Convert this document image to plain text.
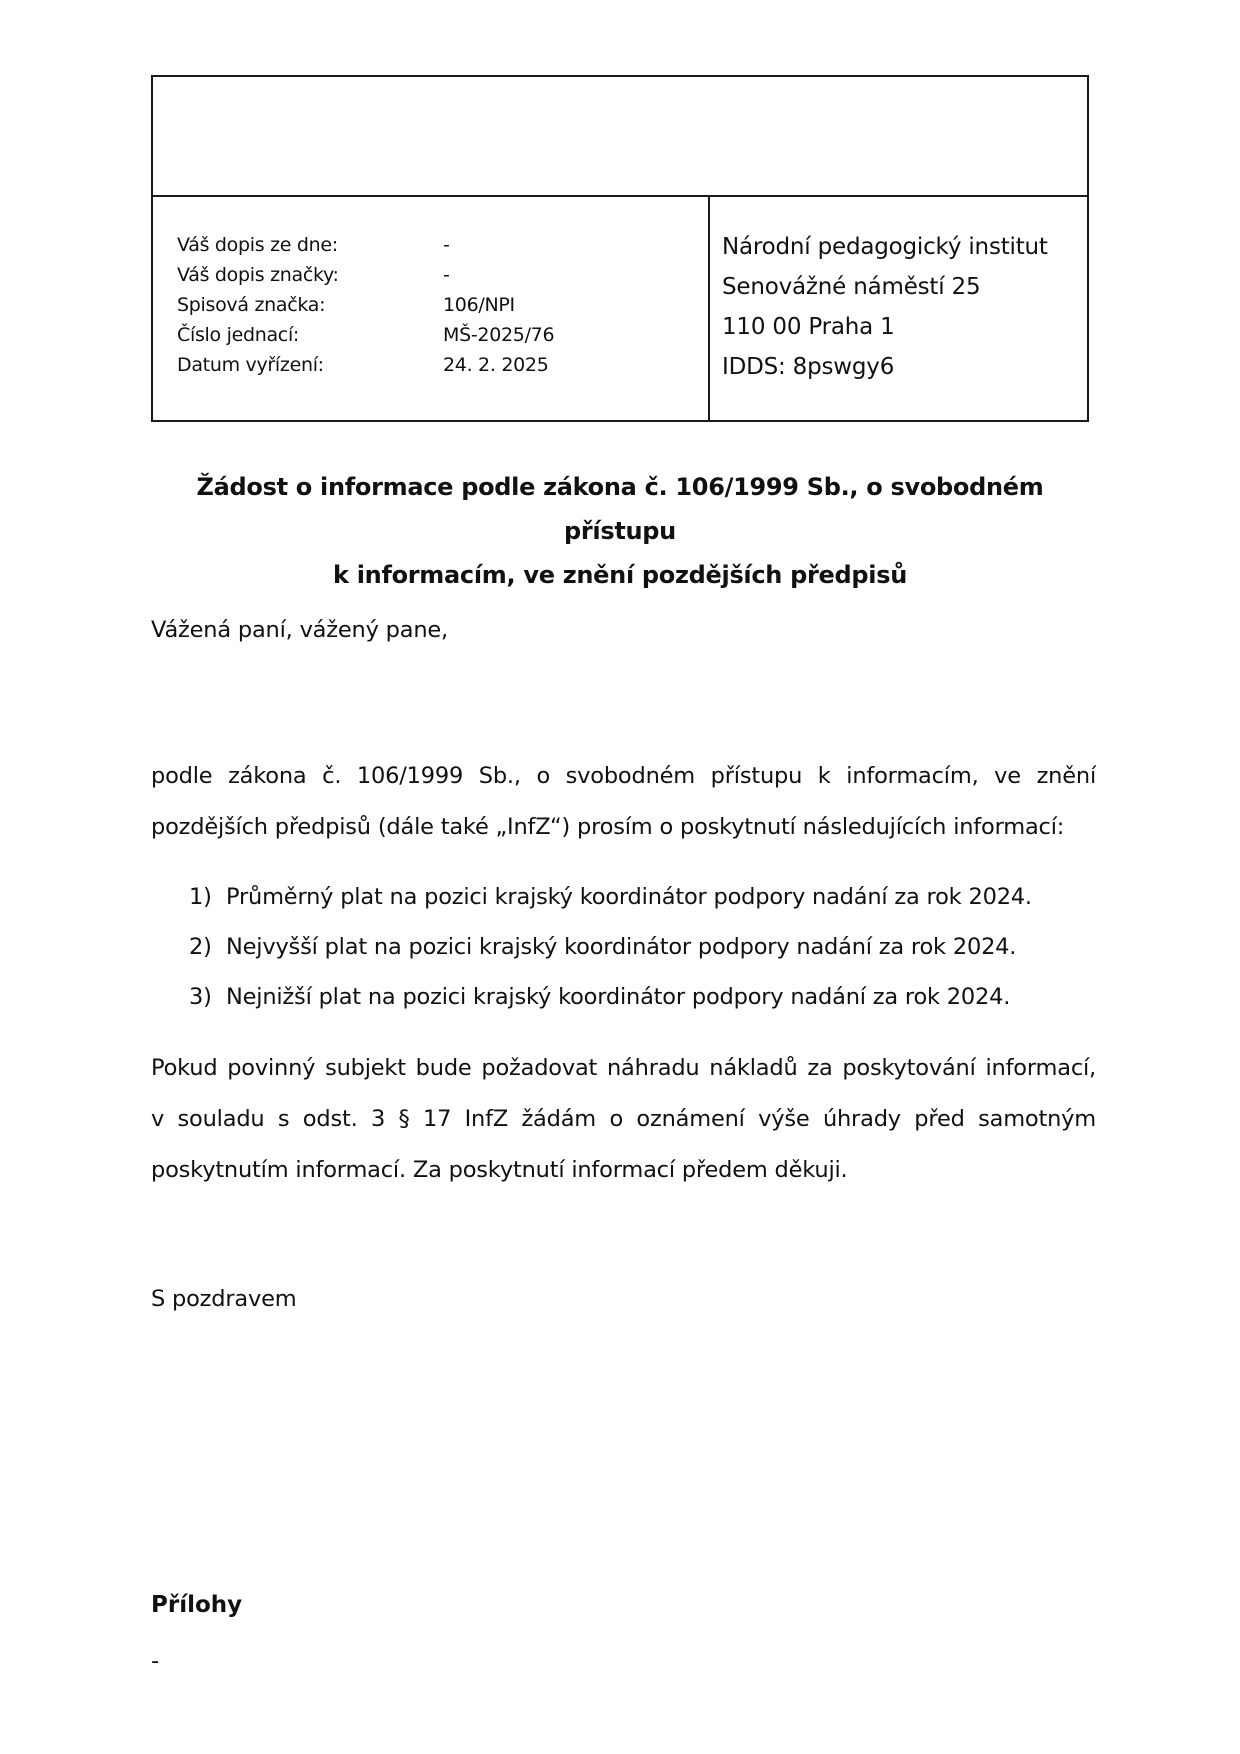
Váš dopis ze dne:	-
Váš dopis značky:	-
Spisová značka:	106/NPI
Číslo jednací:	MŠ-2025/76
Datum vyřízení:	24. 2. 2025
Národní pedagogický institut
Senovážné náměstí 25
110 00 Praha 1
IDDS: 8pswgy6
Žádost o informace podle zákona č. 106/1999 Sb., o svobodném přístupu
k informacím, ve znění pozdějších předpisů
Vážená paní, vážený pane,
podle zákona č. 106/1999 Sb., o svobodném přístupu k informacím, ve znění
pozdějších předpisů (dále také „InfZ“) prosím o poskytnutí následujících informací:
1) Průměrný plat na pozici krajský koordinátor podpory nadání za rok 2024.
2) Nejvyšší plat na pozici krajský koordinátor podpory nadání za rok 2024.
3) Nejnižší plat na pozici krajský koordinátor podpory nadání za rok 2024.
Pokud povinný subjekt bude požadovat náhradu nákladů za poskytování informací,
v souladu s odst. 3 § 17 InfZ žádám o oznámení výše úhrady před samotným
poskytnutím informací. Za poskytnutí informací předem děkuji.
S pozdravem
Přílohy
-
